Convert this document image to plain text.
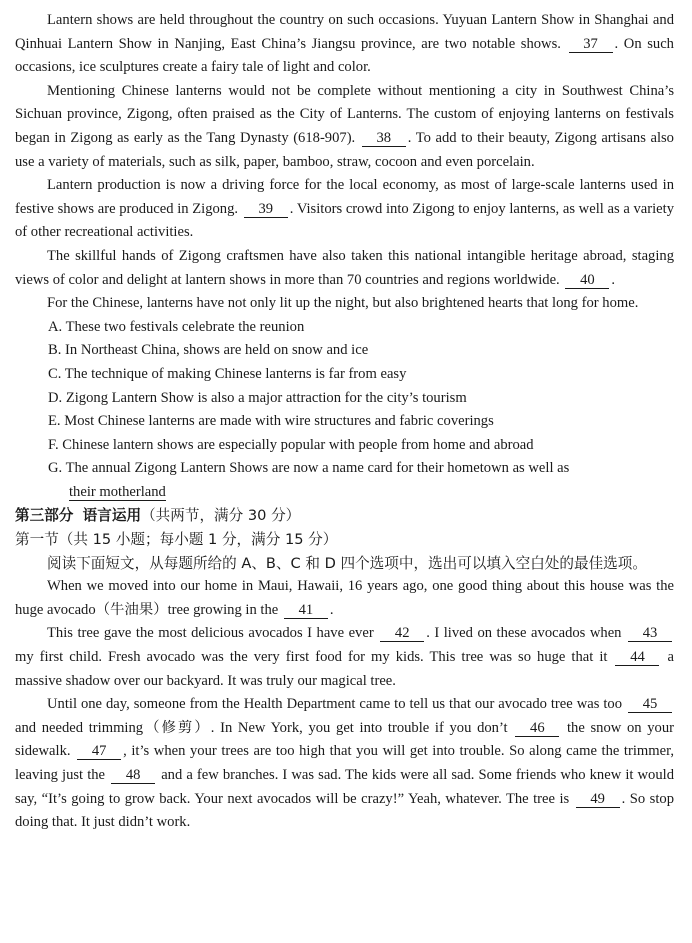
Lantern shows are held throughout the country on such occasions. Yuyuan Lantern Show in Shanghai and Qinhuai Lantern Show in Nanjing, East China’s Jiangsu province, are two notable shows. 37 . On such occasions, ice sculptures create a fairy tale of light and color.

Mentioning Chinese lanterns would not be complete without mentioning a city in Southwest China’s Sichuan province, Zigong, often praised as the City of Lanterns. The custom of enjoying lanterns on festivals began in Zigong as early as the Tang Dynasty (618-907). 38 . To add to their beauty, Zigong artisans also use a variety of materials, such as silk, paper, bamboo, straw, cocoon and even porcelain.

Lantern production is now a driving force for the local economy, as most of large-scale lanterns used in festive shows are produced in Zigong. 39 . Visitors crowd into Zigong to enjoy lanterns, as well as a variety of other recreational activities.

The skillful hands of Zigong craftsmen have also taken this national intangible heritage abroad, staging views of color and delight at lantern shows in more than 70 countries and regions worldwide. 40 .

For the Chinese, lanterns have not only lit up the night, but also brightened hearts that long for home.

A. These two festivals celebrate the reunion

B. In Northeast China, shows are held on snow and ice

C. The technique of making Chinese lanterns is far from easy

D. Zigong Lantern Show is also a major attraction for the city’s tourism

E. Most Chinese lanterns are made with wire structures and fabric coverings

F. Chinese lantern shows are especially popular with people from home and abroad

G. The annual Zigong Lantern Shows are now a name card for their hometown as well as

their motherland

第三部分 语言运用（共两节，满分 30 分）

第一节（共 15 小题；每小题 1 分，满分 15 分）

阅读下面短文，从每题所给的 A、B、C 和 D 四个选项中，选出可以填入空白处的最佳选项。

When we moved into our home in Maui, Hawaii, 16 years ago, one good thing about this house was the huge avocado（牛油果）tree growing in the 41 .

This tree gave the most delicious avocados I have ever 42 . I lived on these avocados when 43 my first child. Fresh avocado was the very first food for my kids. This tree was so huge that it 44 a massive shadow over our backyard. It was truly our magical tree.

Until one day, someone from the Health Department came to tell us that our avocado tree was too 45 and needed trimming（修剪）. In New York, you get into trouble if you don’t 46 the snow on your sidewalk. 47 , it’s when your trees are too high that you will get into trouble. So along came the trimmer, leaving just the 48 and a few branches. I was sad. The kids were all sad. Some friends who knew it would say, “It’s going to grow back. Your next avocados will be crazy!” Yeah, whatever. The tree is 49 . So stop doing that. It just didn’t work.
